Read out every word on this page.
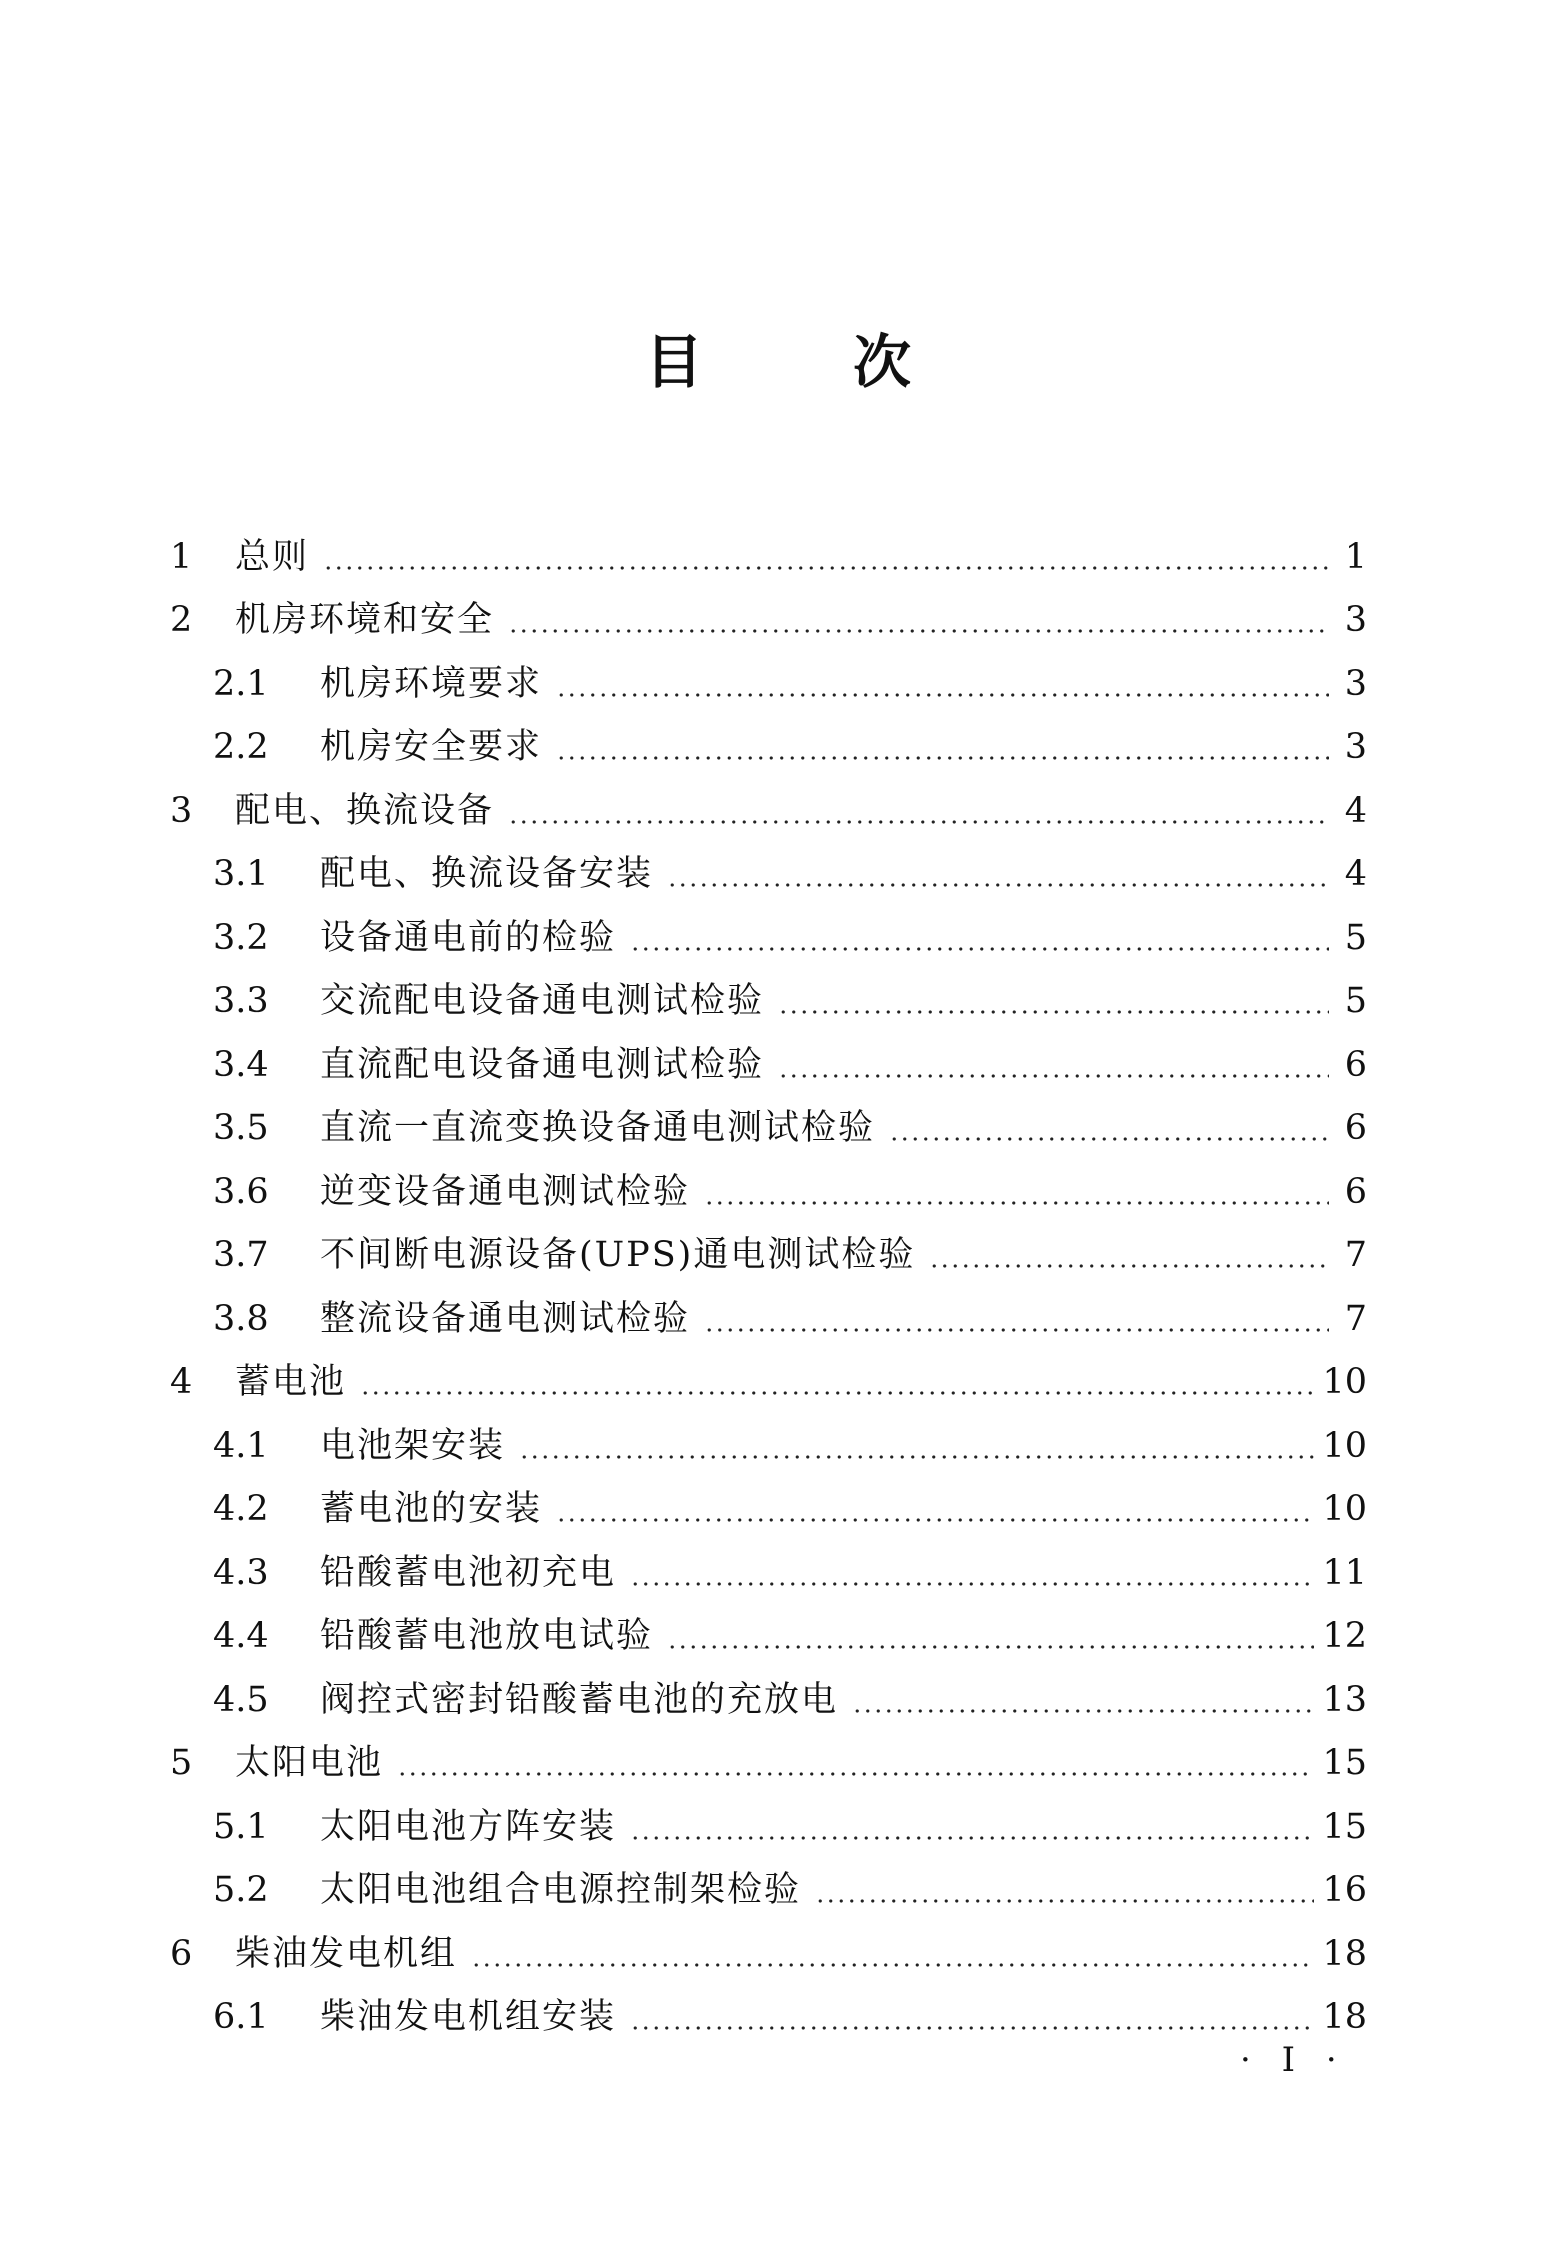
目次
1	总则	1
2	机房环境和安全	3
2.1	机房环境要求	3
2.2	机房安全要求	3
3	配电、换流设备	4
3.1	配电、换流设备安装	4
3.2	设备通电前的检验	5
3.3	交流配电设备通电测试检验	5
3.4	直流配电设备通电测试检验	6
3.5	直流一直流变换设备通电测试检验	6
3.6	逆变设备通电测试检验	6
3.7	不间断电源设备(UPS)通电测试检验	7
3.8	整流设备通电测试检验	7
4	蓄电池	10
4.1	电池架安装	10
4.2	蓄电池的安装	10
4.3	铅酸蓄电池初充电	11
4.4	铅酸蓄电池放电试验	12
4.5	阀控式密封铅酸蓄电池的充放电	13
5	太阳电池	15
5.1	太阳电池方阵安装	15
5.2	太阳电池组合电源控制架检验	16
6	柴油发电机组	18
6.1	柴油发电机组安装	18
· I ·
